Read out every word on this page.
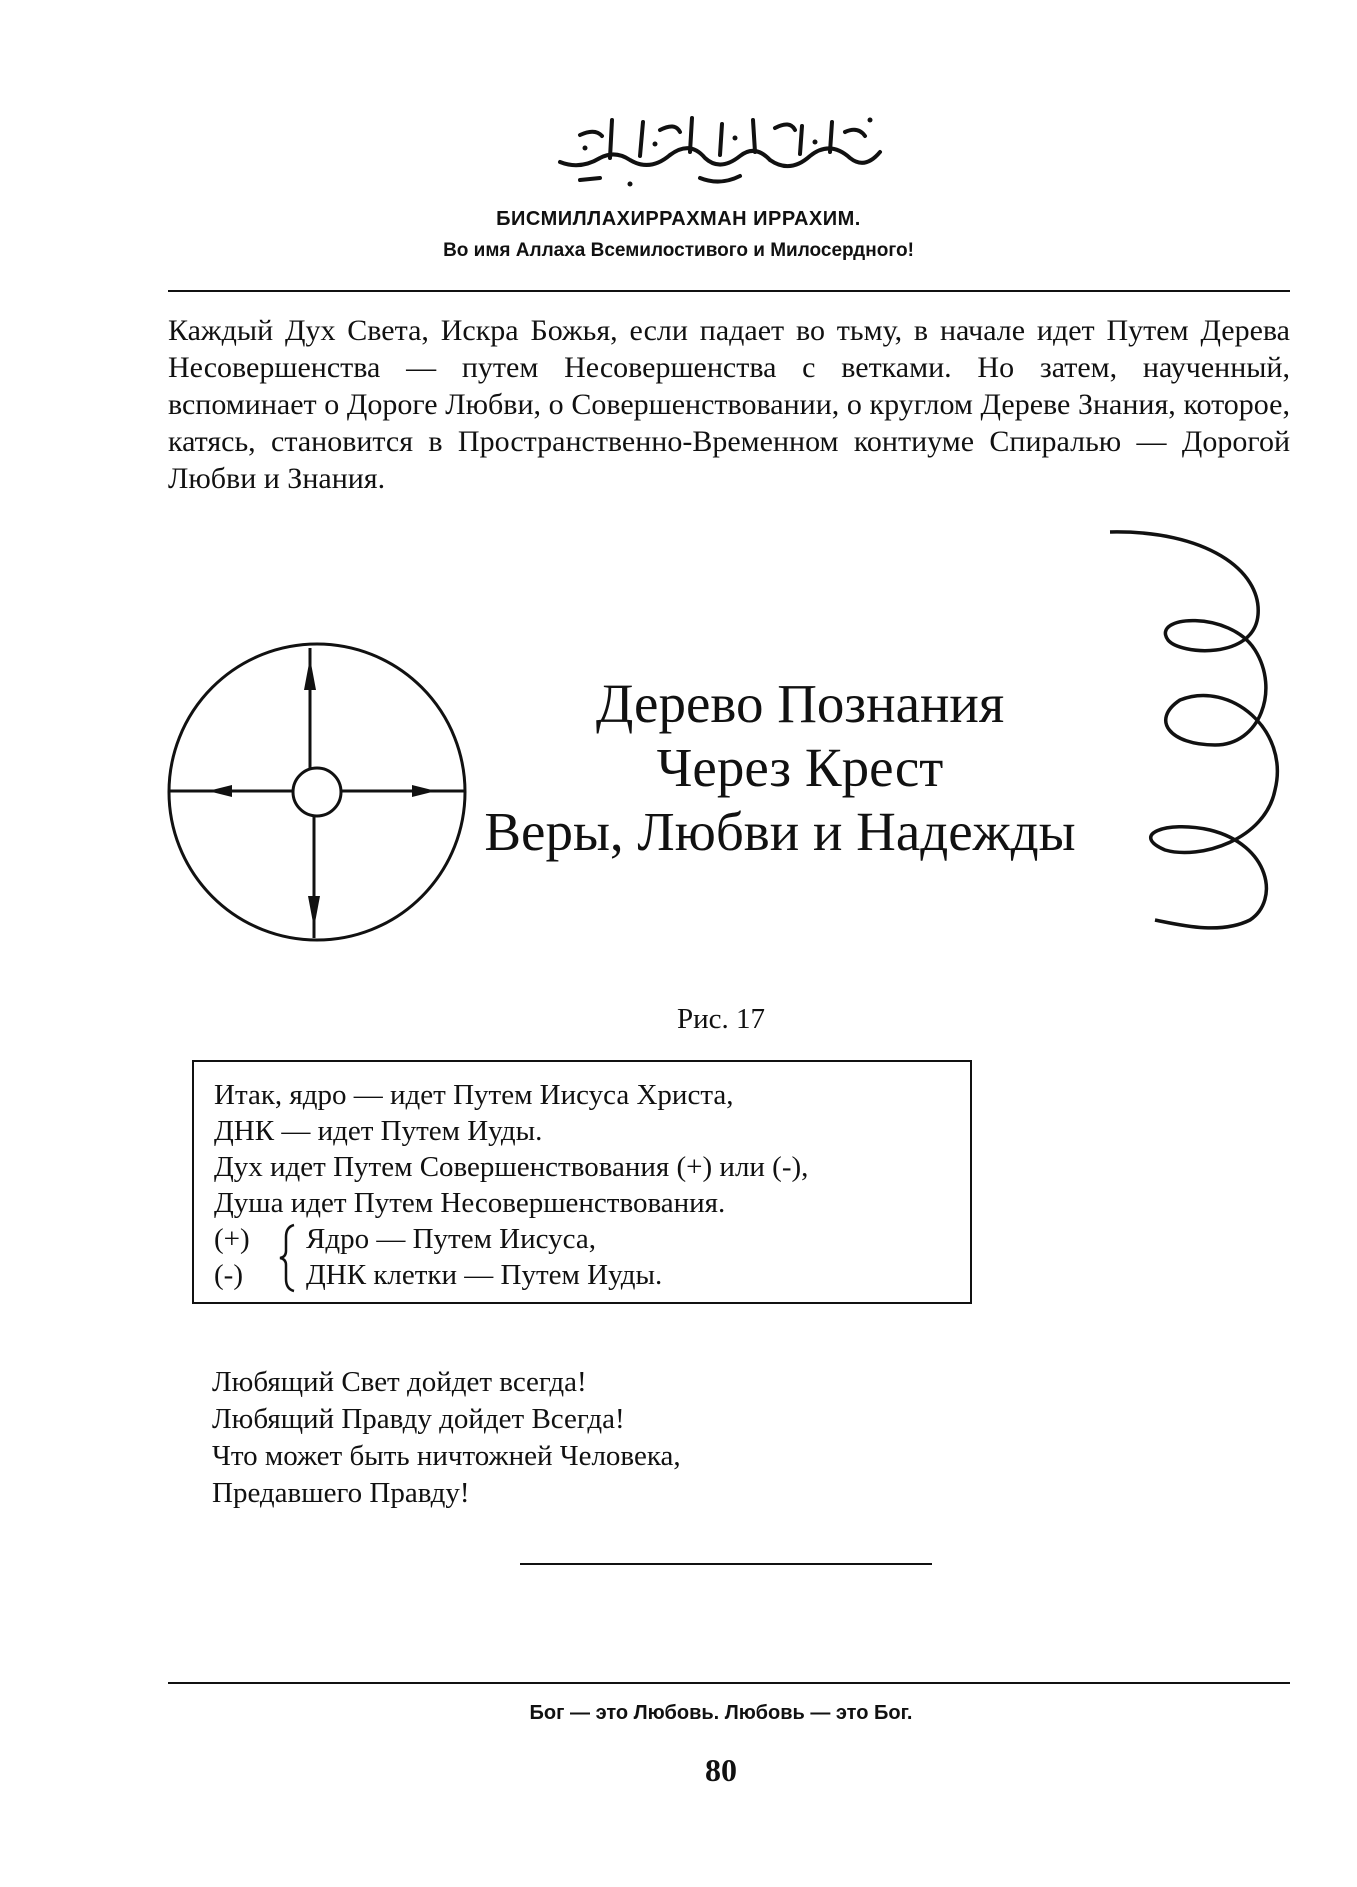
БИСМИЛЛАХИРРАХМАН ИРРАХИМ.
Во имя Аллаха Всемилостивого и Милосердного!

Каждый Дух Света, Искра Божья, если падает во тьму, в начале идет Путем Дерева Несовершенства — путем Несовершенства с ветками. Но затем, наученный, вспоминает о Дороге Любви, о Совершенствовании, о круглом Дереве Знания, которое, катясь, становится в Пространственно-Временном контиуме Спиралью — Дорогой Любви и Знания.

Дерево Познания
Через Крест
Веры, Любви и Надежды
Рис. 17
Итак, ядро — идет Путем Иисуса Христа,
ДНК — идет Путем Иуды.
Дух идет Путем Совершенствования (+) или (-),
Душа идет Путем Несовершенствования.
(+)
(-)
Ядро — Путем Иисуса,
ДНК клетки — Путем Иуды.
Любящий Свет дойдет всегда!
Любящий Правду дойдет Всегда!
Что может быть ничтожней Человека,
Предавшего Правду!
Бог — это Любовь. Любовь — это Бог.
80
